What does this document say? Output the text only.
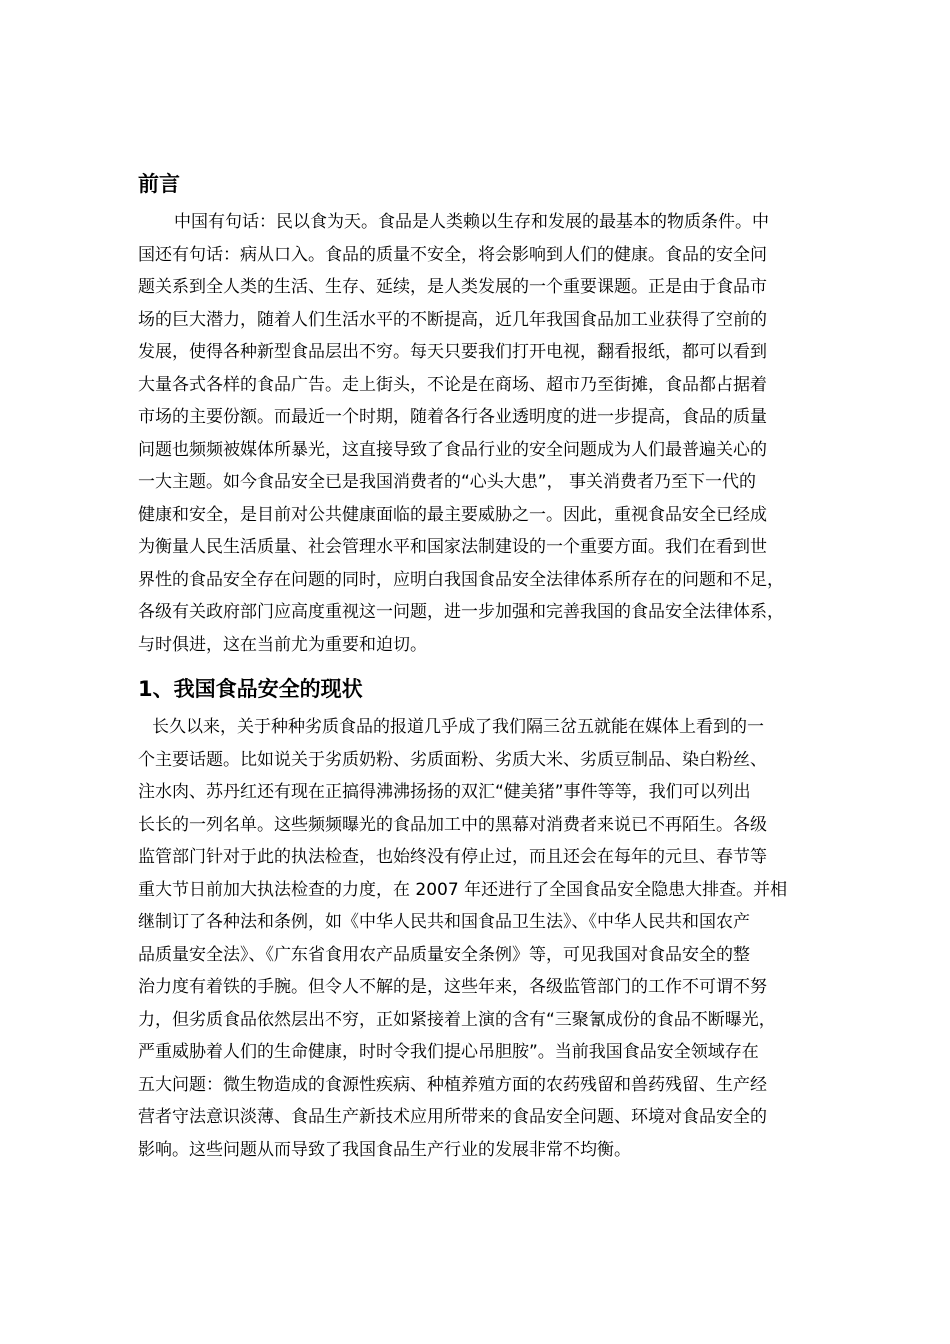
前言
中国有句话：民以食为天。食品是人类赖以生存和发展的最基本的物质条件。中
国还有句话：病从口入。食品的质量不安全，将会影响到人们的健康。食品的安全问
题关系到全人类的生活、生存、延续，是人类发展的一个重要课题。正是由于食品市
场的巨大潜力，随着人们生活水平的不断提高，近几年我国食品加工业获得了空前的
发展，使得各种新型食品层出不穷。每天只要我们打开电视，翻看报纸，都可以看到
大量各式各样的食品广告。走上街头，不论是在商场、超市乃至街摊，食品都占据着
市场的主要份额。而最近一个时期，随着各行各业透明度的进一步提高，食品的质量
问题也频频被媒体所暴光，这直接导致了食品行业的安全问题成为人们最普遍关心的
一大主题。如今食品安全已是我国消费者的“心头大患”， 事关消费者乃至下一代的
健康和安全，是目前对公共健康面临的最主要威胁之一。因此，重视食品安全已经成
为衡量人民生活质量、社会管理水平和国家法制建设的一个重要方面。我们在看到世
界性的食品安全存在问题的同时，应明白我国食品安全法律体系所存在的问题和不足，
各级有关政府部门应高度重视这一问题，进一步加强和完善我国的食品安全法律体系，
与时俱进，这在当前尤为重要和迫切。
1、我国食品安全的现状
长久以来，关于种种劣质食品的报道几乎成了我们隔三岔五就能在媒体上看到的一
个主要话题。比如说关于劣质奶粉、劣质面粉、劣质大米、劣质豆制品、染白粉丝、
注水肉、苏丹红还有现在正搞得沸沸扬扬的双汇“健美猪”事件等等，我们可以列出
长长的一列名单。这些频频曝光的食品加工中的黑幕对消费者来说已不再陌生。各级
监管部门针对于此的执法检查，也始终没有停止过，而且还会在每年的元旦、春节等
重大节日前加大执法检查的力度，在 2007 年还进行了全国食品安全隐患大排查。并相
继制订了各种法和条例，如《中华人民共和国食品卫生法》、《中华人民共和国农产
品质量安全法》、《广东省食用农产品质量安全条例》等，可见我国对食品安全的整
治力度有着铁的手腕。但令人不解的是，这些年来，各级监管部门的工作不可谓不努
力，但劣质食品依然层出不穷，正如紧接着上演的含有“三聚氰成份的食品不断曝光，
严重威胁着人们的生命健康，时时令我们提心吊胆胺”。当前我国食品安全领域存在
五大问题：微生物造成的食源性疾病、种植养殖方面的农药残留和兽药残留、生产经
营者守法意识淡薄、食品生产新技术应用所带来的食品安全问题、环境对食品安全的
影响。这些问题从而导致了我国食品生产行业的发展非常不均衡。
